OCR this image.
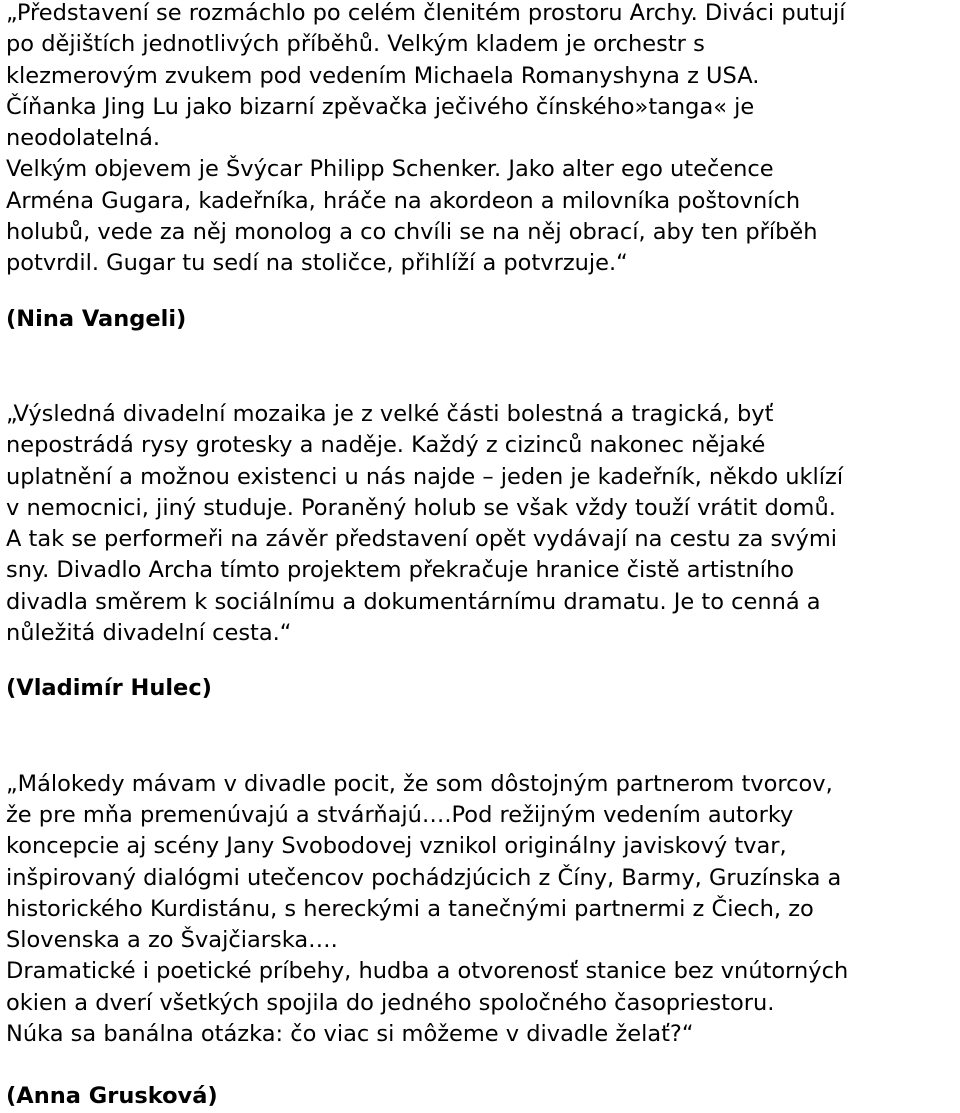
„Představení se rozmáchlo po celém členitém prostoru Archy. Diváci putují
po dějištích jednotlivých příběhů. Velkým kladem je orchestr s
klezmerovým zvukem pod vedením Michaela Romanyshyna z USA.
Číňanka Jing Lu jako bizarní zpěvačka ječivého čínského»tanga« je
neodolatelná.
Velkým objevem je Švýcar Philipp Schenker. Jako alter ego utečence
Arména Gugara, kadeřníka, hráče na akordeon a milovníka poštovních
holubů, vede za něj monolog a co chvíli se na něj obrací, aby ten příběh
potvrdil. Gugar tu sedí na stoličce, přihlíží a potvrzuje.“

(Nina Vangeli)

„Výsledná divadelní mozaika je z velké části bolestná a tragická, byť
nepostrádá rysy grotesky a naděje. Každý z cizinců nakonec nějaké
uplatnění a možnou existenci u nás najde – jeden je kadeřník, někdo uklízí
v nemocnici, jiný studuje. Poraněný holub se však vždy touží vrátit domů.
A tak se performeři na závěr představení opět vydávají na cestu za svými
sny. Divadlo Archa tímto projektem překračuje hranice čistě artistního
divadla směrem k sociálnímu a dokumentárnímu dramatu. Je to cenná a
nůležitá divadelní cesta.“

(Vladimír Hulec)

„Málokedy mávam v divadle pocit, že som dôstojným partnerom tvorcov,
že pre mňa premenúvajú a stvárňajú….Pod režijným vedením autorky
koncepcie aj scény Jany Svobodovej vznikol originálny javiskový tvar,
inšpirovaný dialógmi utečencov pochádzjúcich z Číny, Barmy, Gruzínska a
historického Kurdistánu, s hereckými a tanečnými partnermi z Čiech, zo
Slovenska a zo Švajčiarska….
Dramatické i poetické príbehy, hudba a otvorenosť stanice bez vnútorných
okien a dverí všetkých spojila do jedného spoločného časopriestoru.
Núka sa banálna otázka: čo viac si môžeme v divadle želať?“

(Anna Grusková)
